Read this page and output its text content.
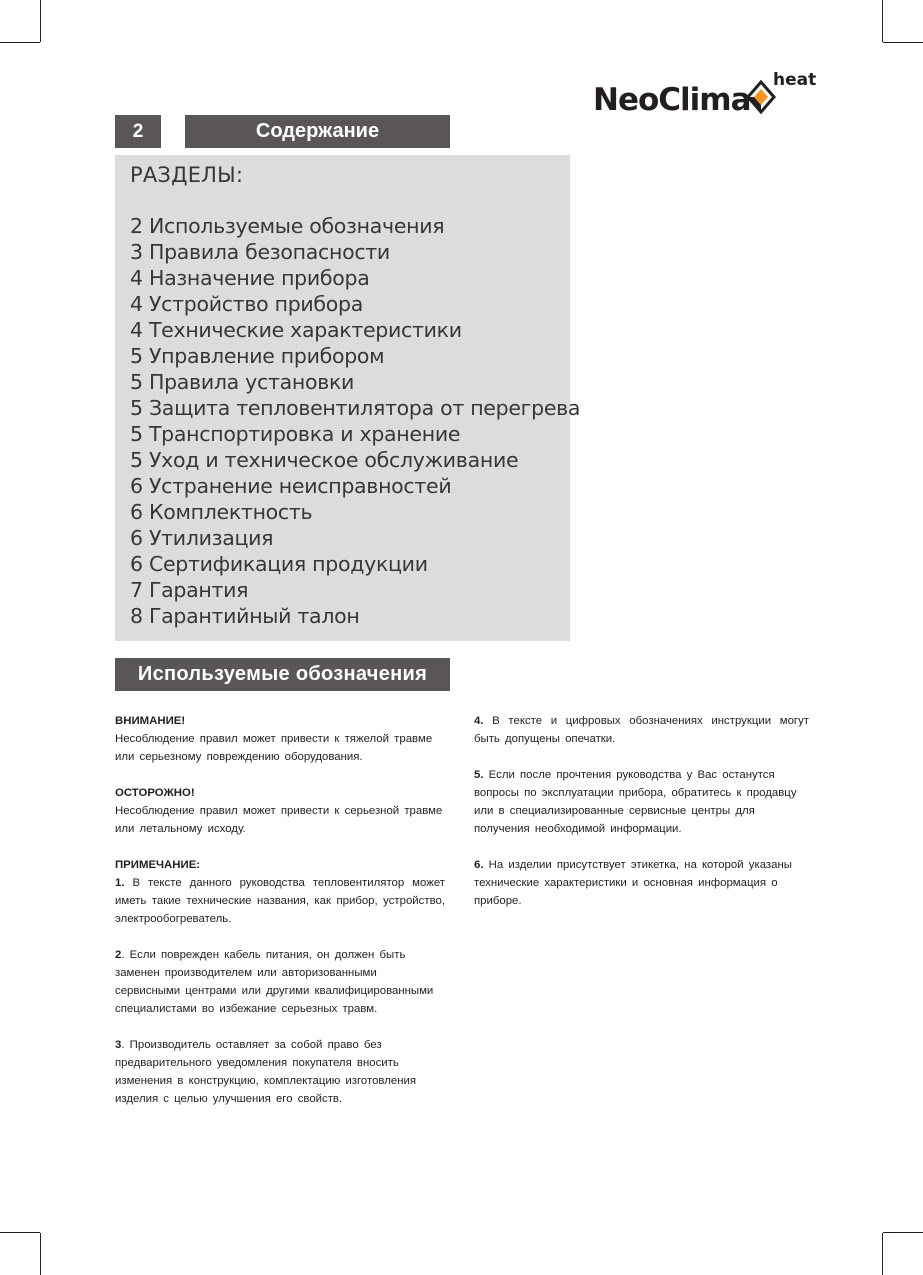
NeoClima
heat
2	Содержание
РАЗДЕЛЫ:
2 Используемые обозначения
3 Правила безопасности
4 Назначение прибора
4 Устройство прибора
4 Технические характеристики
5 Управление прибором
5 Правила установки
5 Защита тепловентилятора от перегрева
5 Транспортировка и хранение
5 Уход и техническое обслуживание
6 Устранение неисправностей
6 Комплектность
6 Утилизация
6 Сертификация продукции
7 Гарантия
8 Гарантийный талон
Используемые обозначения

ВНИМАНИЕ!
Несоблюдение правил может привести к тяжелой травме или серьезному повреждению оборудования.

ОСТОРОЖНО!
Несоблюдение правил может привести к серьезной травме или летальному исходу.

ПРИМЕЧАНИЕ:
1. В тексте данного руководства тепловентилятор может иметь такие технические названия, как прибор, устройство, электрообогреватель.

2. Если поврежден кабель питания, он должен быть заменен производителем или авторизованными сервисными центрами или другими квалифицированными специалистами во избежание серьезных травм.

3. Производитель оставляет за собой право без предварительного уведомления покупателя вносить изменения в конструкцию, комплектацию изготовления изделия с целью улучшения его свойств.

4. В тексте и цифровых обозначениях инструкции могут быть допущены опечатки.

5. Если после прочтения руководства у Вас останутся вопросы по эксплуатации прибора, обратитесь к продавцу или в специализированные сервисные центры для получения необходимой информации.

6. На изделии присутствует этикетка, на которой указаны технические характеристики и основная информация о приборе.
